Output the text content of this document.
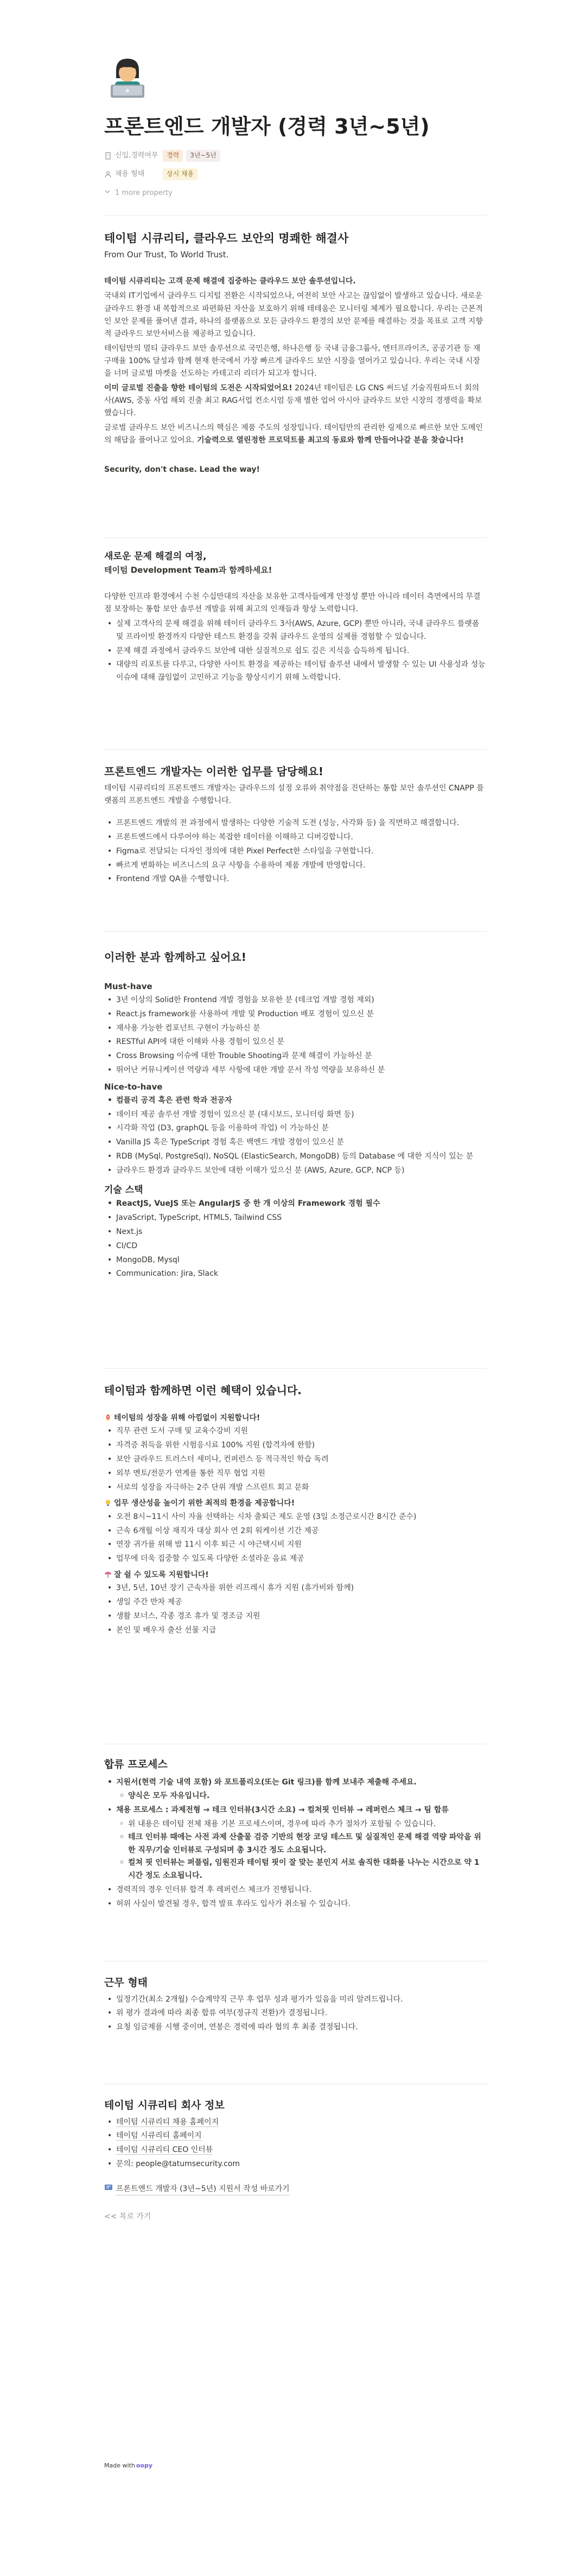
프론트엔드 개발자 (경력 3년~5년)
신입,경력여부	경력	3년~5년
채용 형태	상시 채용
1 more property
테이텀 시큐리티, 클라우드 보안의 명쾌한 해결사
From Our Trust, To World Trust.

테이텀 시큐리티는 고객 문제 해결에 집중하는 클라우드 보안 솔루션입니다.

국내외 IT기업에서 클라우드 디지털 전환은 시작되었으나, 여전히 보안 사고는 끊임없이 발생하고 있습니다. 새로운 클라우드 환경 내 복합적으로 파편화된 자산을 보호하기 위해 테테움은 모니터링 체계가 필요합니다. 우리는 근본적인 보안 문제를 풀어낸 결과, 하나의 플랫폼으로 모든 클라우드 환경의 보안 문제를 해결하는 것을 목표로 고객 지향적 클라우드 보안서비스를 제공하고 있습니다.

테이텀만의 멀티 클라우드 보안 솔루션으로 국민은행, 하나은행 등 국내 금융그룹사, 엔터프라이즈, 공공기관 등 재구매율 100% 달성과 함께 현재 한국에서 가장 빠르게 클라우드 보안 시장을 열어가고 있습니다. 우리는 국내 시장을 너머 글로벌 마켓을 선도하는 카테고리 리더가 되고자 합니다.

이미 글로벌 진출을 향한 테이텀의 도전은 시작되었어요! 2024년 테이텀은 LG CNS 써드널 기술직원파트너 회의 사(AWS, 중동 사업 해외 진출 최고 RAG서업 컨소시엄 등재 별한 업어 아시아 클라우드 보안 시장의 경쟁력을 확보했습니다.

글로벌 클라우드 보안 비즈니스의 핵심은 제품 주도의 성장입니다. 테이텀만의 관리한 링제으로 빠르한 보안 도메인의 해답을 풀어나고 있어요. 기술력으로 열린정한 프로덕트를 최고의 동료와 함께 만들어나갈 분을 찾습니다!

Security, don't chase. Lead the way!

새로운 문제 해결의 여정,
테이텀 Development Team과 함께하세요!

다양한 인프라 환경에서 수천 수십만대의 자산을 보유한 고객사들에게 안정성 뿐만 아니라 데이터 측면에서의 무결점 보장하는 통합 보안 솔루션 개발을 위해 최고의 인재들과 항상 노력합니다.

• 실제 고객사의 문제 해결을 위해 테이터 클라우드 3사(AWS, Azure, GCP) 뿐만 아니라, 국내 클라우드 플랫폼 및 프라이빗 환경까지 다양한 테스트 환경을 갖춰 클라우드 운영의 실제를 경험할 수 있습니다.
• 문제 해결 과정에서 클라우드 보안에 대한 실질적으로 쉽도 깊은 지식을 습득하게 됩니다.
• 대량의 리포트를 다루고, 다양한 사이트 환경을 제공하는 테이텀 솔루션 내에서 발생할 수 있는 UI 사용성과 성능 이슈에 대해 끊임없이 고민하고 기능을 향상시키기 위해 노력합니다.
프론트엔드 개발자는 이러한 업무를 담당해요!

테이텀 시큐리티의 프론트엔드 개발자는 클라우드의 설정 오류와 취약점을 진단하는 통합 보안 솔루션인 CNAPP 플랫폼의 프론트엔드 개발을 수행합니다.

• 프론트엔드 개발의 전 과정에서 발생하는 다양한 기술적 도전 (성능, 사각화 등) 을 직면하고 해결합니다.
• 프론트엔드에서 다루어야 하는 복잡한 데이터를 이해하고 디버깅합니다.
• Figma로 전달되는 디자인 정의에 대한 Pixel Perfect한 스타일을 구현합니다.
• 빠르게 변화하는 비즈니스의 요구 사항을 수용하여 제품 개발에 반영합니다.
• Frontend 개발 QA를 수행합니다.
이러한 분과 함께하고 싶어요!
Must-have
• 3년 이상의 Solid한 Frontend 개발 경험을 보유한 분 (테크업 개발 경험 제외)
• React.js framework를 사용하여 개발 및 Production 배포 경험이 있으신 분
• 재사용 가능한 컴포넌트 구현이 가능하신 분
• RESTful API에 대한 이해와 사용 경험이 있으신 분
• Cross Browsing 이슈에 대한 Trouble Shooting과 문제 해결이 가능하신 분
• 뛰어난 커뮤니케이션 역량과 세부 사항에 대한 개발 문서 작성 역량을 보유하신 분
Nice-to-have
• 컴플리 공격 혹은 관련 학과 전공자
• 데이터 제공 솔루션 개발 경험이 있으신 분 (대시보드, 모니터링 화면 등)
• 시각화 작업 (D3, graphQL 등을 이용하여 작업) 이 가능하신 분
• Vanilla JS 혹은 TypeScript 경험 혹은 백엔드 개발 경험이 있으신 분
• RDB (MySql, PostgreSql), NoSQL (ElasticSearch, MongoDB) 등의 Database 에 대한 지식이 있는 분
• 클라우드 환경과 클라우드 보안에 대한 이해가 있으신 분 (AWS, Azure, GCP, NCP 등)
기술 스택
• ReactJS, VueJS 또는 AngularJS 중 한 개 이상의 Framework 경험 필수
• JavaScript, TypeScript, HTML5, Tailwind CSS
• Next.js
• CI/CD
• MongoDB, Mysql
• Communication: Jira, Slack
테이텀과 함께하면 이런 혜택이 있습니다.
테이텀의 성장을 위해 아낌없이 지원합니다!
• 직무 관련 도서 구매 및 교육수강비 지원
• 자격증 취득을 위한 시험응시료 100% 지원 (합격자에 한함)
• 보안 클라우드 트러스터 세미나, 컨퍼런스 등 적극적인 학습 독려
• 외부 멘토/전문가 연계를 통한 직무 협업 지원
• 서로의 성장을 자극하는 2주 단위 개발 스프린트 회고 문화
업무 생산성을 높이기 위한 최적의 환경을 제공합니다!
• 오전 8시~11시 사이 자율 선택하는 시차 출퇴근 제도 운영 (3일 소정근로시간 8시간 준수)
• 근속 6개월 이상 재직자 대상 회사 연 2회 워케이션 기간 제공
• 연장 귀가를 위해 밤 11시 이후 퇴근 시 야근택시비 지원
• 업무에 더욱 집중할 수 있도록 다양한 소셜라운 음료 제공
잘 쉴 수 있도록 지원합니다!
• 3년, 5년, 10년 장기 근속자를 위한 리프레시 휴가 지원 (휴가비와 함께)
• 생일 주간 반차 제공
• 생활 보너스, 각종 경조 휴가 및 경조금 지원
• 본인 및 배우자 출산 선물 지급
합류 프로세스
• 지원서(현력 기술 내역 포함) 와 포트폴리오(또는 Git 링크)를 함께 보내주 제출해 주세요.
◦ 양식은 모두 자유입니다.
• 채용 프로세스 : 과제전형 → 테크 인터뷰(3시간 소요) → 컬쳐핏 인터뷰 → 레퍼런스 체크 → 팀 합류
◦ 위 내용은 테이텀 전체 채용 기본 프로세스이며, 경우에 따라 추가 절차가 포함될 수 있습니다.
◦ 테크 인터뷰 때에는 사전 과제 산출물 검증 기반의 현장 코딩 테스트 및 실질적인 문제 해결 역량 파악을 위한 직무/기술 인터뷰로 구성되며 총 3시간 정도 소요됩니다.
◦ 컬쳐 핏 인터뷰는 퍼플림, 임원진과 테이텀 핏이 잘 맞는 분인지 서로 솔직한 대화를 나누는 시간으로 약 1시간 정도 소요됩니다.
• 경력직의 경우 인터뷰 합격 후 레퍼런스 체크가 진행됩니다.
• 허위 사실이 발견될 경우, 합격 발표 후라도 입사가 취소될 수 있습니다.
근무 형태
• 일정기간(최소 2개월) 수습계약직 근무 후 업무 성과 평가가 있음을 미리 알려드립니다.
• 위 평가 결과에 따라 최종 합류 여부(정규직 전환)가 결정됩니다.
• 요청 임금제를 시행 중이며, 연봉은 경력에 따라 협의 후 최종 결정됩니다.
테이텀 시큐리티 회사 정보
• 테이텀 시큐리티 채용 홈페이지
• 테이텀 시큐리티 홈페이지
• 테이텀 시큐리티 CEO 인터뷰
• 문의: people@tatumsecurity.com
프론트엔드 개발자 (3년~5년) 지원서 작성 바로가기
<< 목로 가기
Made with oopy
